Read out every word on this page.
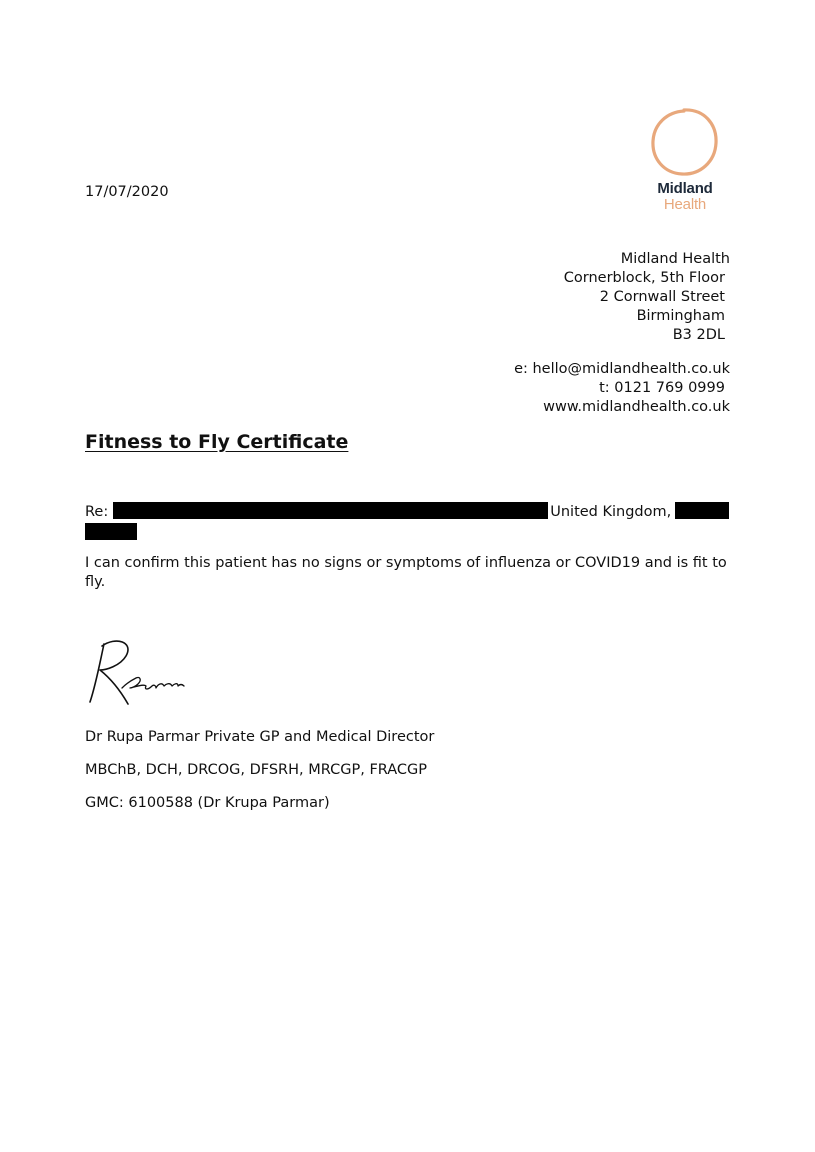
Midland
Health
17/07/2020
Midland Health
Cornerblock, 5th Floor
2 Cornwall Street
Birmingham
B3 2DL
e: hello@midlandhealth.co.uk
t: 0121 769 0999
www.midlandhealth.co.uk
Fitness to Fly Certificate
Re:	United Kingdom,
I can confirm this patient has no signs or symptoms of influenza or COVID19 and is fit to fly.
Dr Rupa Parmar Private GP and Medical Director
MBChB, DCH, DRCOG, DFSRH, MRCGP, FRACGP
GMC: 6100588 (Dr Krupa Parmar)
